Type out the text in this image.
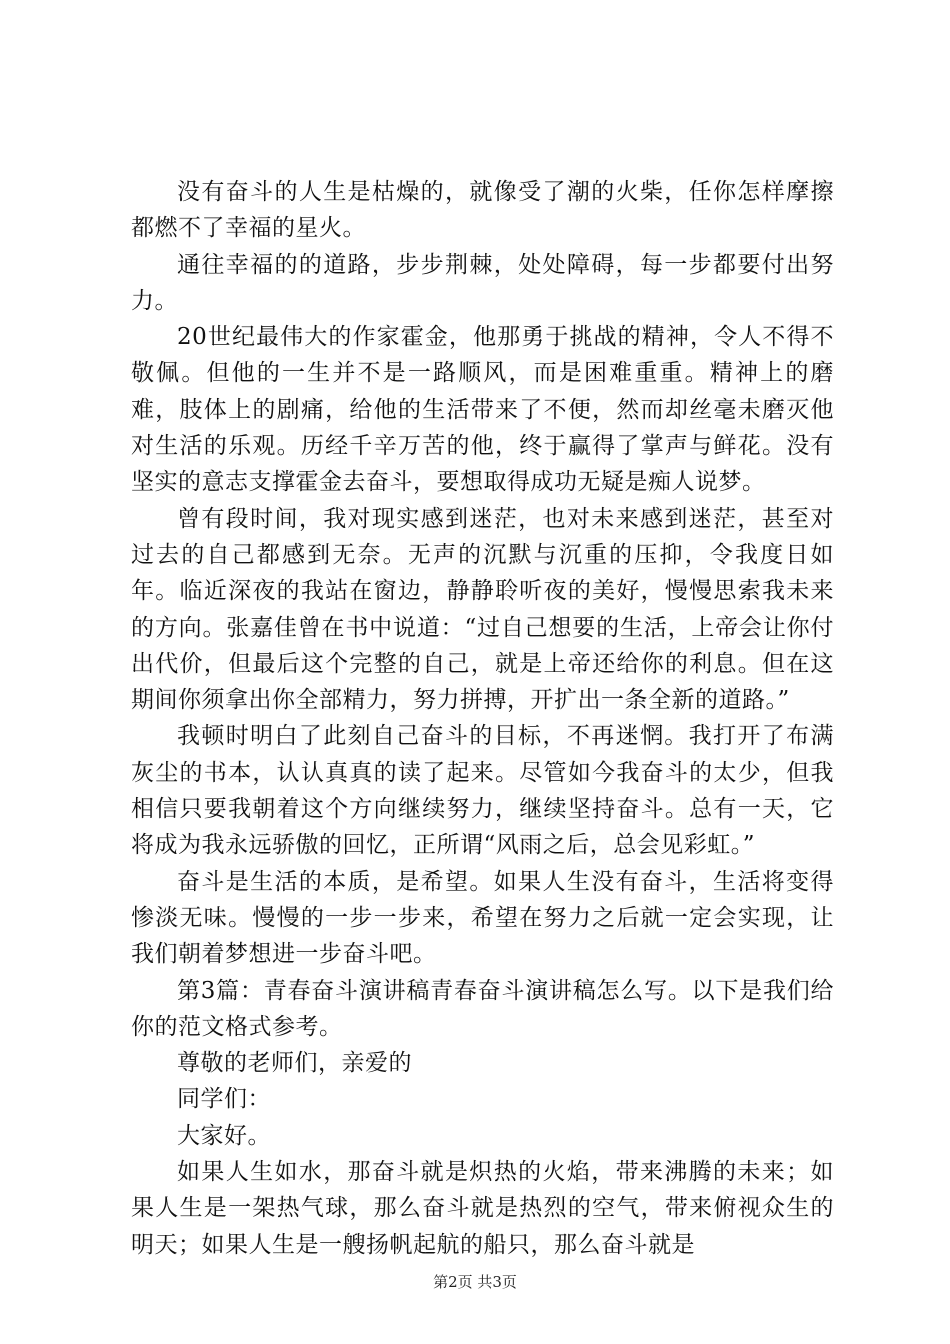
没有奋斗的人生是枯燥的，就像受了潮的火柴，任你怎样摩擦都燃不了幸福的星火。

通往幸福的的道路，步步荆棘，处处障碍，每一步都要付出努力。

20世纪最伟大的作家霍金，他那勇于挑战的精神，令人不得不敬佩。但他的一生并不是一路顺风，而是困难重重。精神上的磨难，肢体上的剧痛，给他的生活带来了不便，然而却丝毫未磨灭他对生活的乐观。历经千辛万苦的他，终于赢得了掌声与鲜花。没有坚实的意志支撑霍金去奋斗，要想取得成功无疑是痴人说梦。

曾有段时间，我对现实感到迷茫，也对未来感到迷茫，甚至对过去的自己都感到无奈。无声的沉默与沉重的压抑，令我度日如年。临近深夜的我站在窗边，静静聆听夜的美好，慢慢思索我未来的方向。张嘉佳曾在书中说道：“过自己想要的生活，上帝会让你付出代价，但最后这个完整的自己，就是上帝还给你的利息。但在这期间你须拿出你全部精力，努力拼搏，开扩出一条全新的道路。”

我顿时明白了此刻自己奋斗的目标，不再迷惘。我打开了布满灰尘的书本，认认真真的读了起来。尽管如今我奋斗的太少，但我相信只要我朝着这个方向继续努力，继续坚持奋斗。总有一天，它将成为我永远骄傲的回忆，正所谓“风雨之后，总会见彩虹。”

奋斗是生活的本质，是希望。如果人生没有奋斗，生活将变得惨淡无味。慢慢的一步一步来，希望在努力之后就一定会实现，让我们朝着梦想进一步奋斗吧。

第3篇：青春奋斗演讲稿青春奋斗演讲稿怎么写。以下是我们给你的范文格式参考。

尊敬的老师们，亲爱的

同学们：

大家好。

如果人生如水，那奋斗就是炽热的火焰，带来沸腾的未来；如果人生是一架热气球，那么奋斗就是热烈的空气，带来俯视众生的明天；如果人生是一艘扬帆起航的船只，那么奋斗就是

第2页 共3页
